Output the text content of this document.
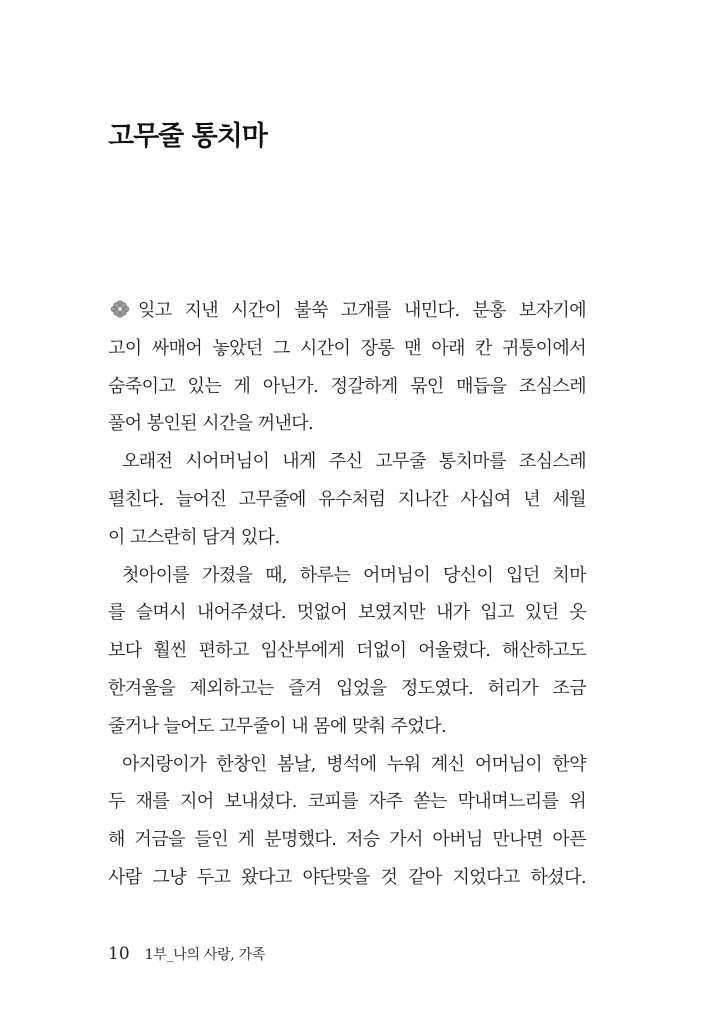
고무줄 통치마
잊고 지낸 시간이 불쑥 고개를 내민다. 분홍 보자기에
고이 싸매어 놓았던 그 시간이 장롱 맨 아래 칸 귀퉁이에서
숨죽이고 있는 게 아닌가. 정갈하게 묶인 매듭을 조심스레
풀어 봉인된 시간을 꺼낸다.
오래전 시어머님이 내게 주신 고무줄 통치마를 조심스레
펼친다. 늘어진 고무줄에 유수처럼 지나간 사십여 년 세월
이 고스란히 담겨 있다.
첫아이를 가졌을 때, 하루는 어머님이 당신이 입던 치마
를 슬며시 내어주셨다. 멋없어 보였지만 내가 입고 있던 옷
보다 훨씬 편하고 임산부에게 더없이 어울렸다. 해산하고도
한겨울을 제외하고는 즐겨 입었을 정도였다. 허리가 조금
줄거나 늘어도 고무줄이 내 몸에 맞춰 주었다.
아지랑이가 한창인 봄날, 병석에 누워 계신 어머님이 한약
두 재를 지어 보내셨다. 코피를 자주 쏟는 막내며느리를 위
해 거금을 들인 게 분명했다. 저승 가서 아버님 만나면 아픈
사람 그냥 두고 왔다고 야단맞을 것 같아 지었다고 하셨다.
10 1부_나의 사랑, 가족
